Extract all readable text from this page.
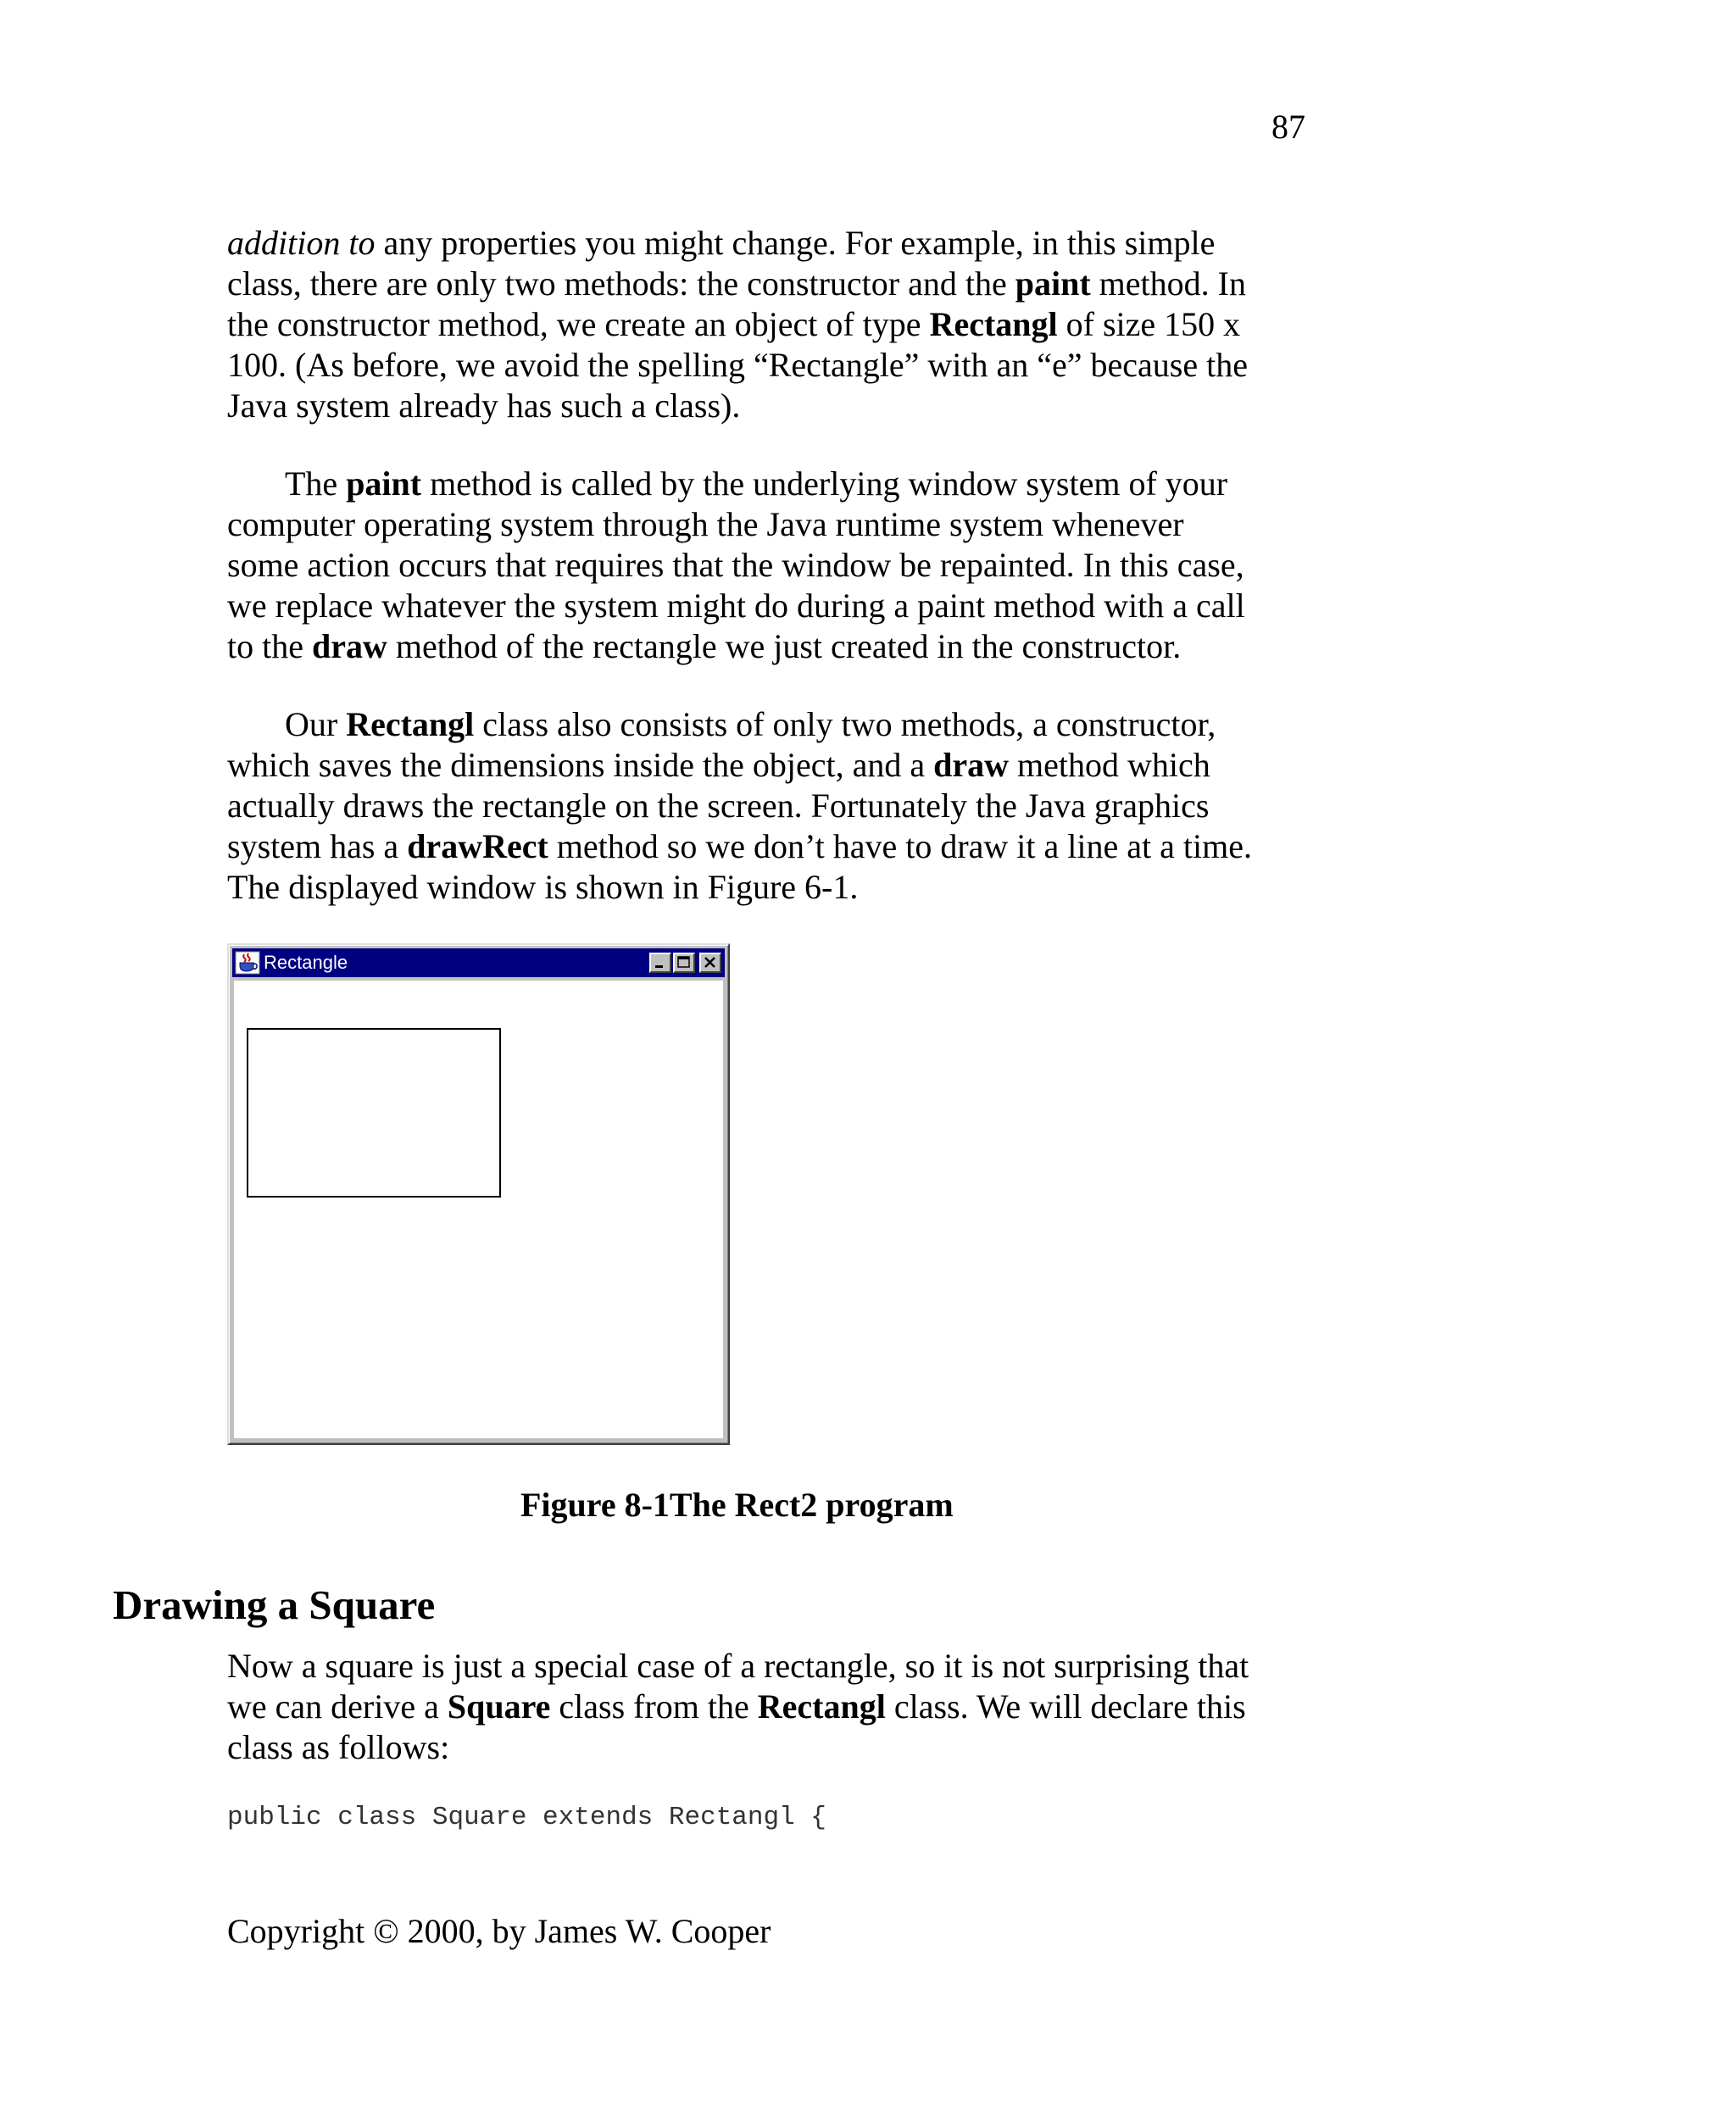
87
addition to any properties you might change. For example, in this simple
class, there are only two methods: the constructor and the paint method. In
the constructor method, we create an object of type Rectangl of size 150 x
100. (As before, we avoid the spelling “Rectangle” with an “e” because the
Java system already has such a class).
The paint method is called by the underlying window system of your
computer operating system through the Java runtime system whenever
some action occurs that requires that the window be repainted. In this case,
we replace whatever the system might do during a paint method with a call
to the draw method of the rectangle we just created in the constructor.
Our Rectangl class also consists of only two methods, a constructor,
which saves the dimensions inside the object, and a draw method which
actually draws the rectangle on the screen. Fortunately the Java graphics
system has a drawRect method so we don’t have to draw it a line at a time.
The displayed window is shown in Figure 6-1.
Rectangle
Figure 8-1The Rect2 program
Drawing a Square
Now a square is just a special case of a rectangle, so it is not surprising that
we can derive a Square class from the Rectangl class. We will declare this
class as follows:
public class Square extends Rectangl {
Copyright © 2000, by James W. Cooper
